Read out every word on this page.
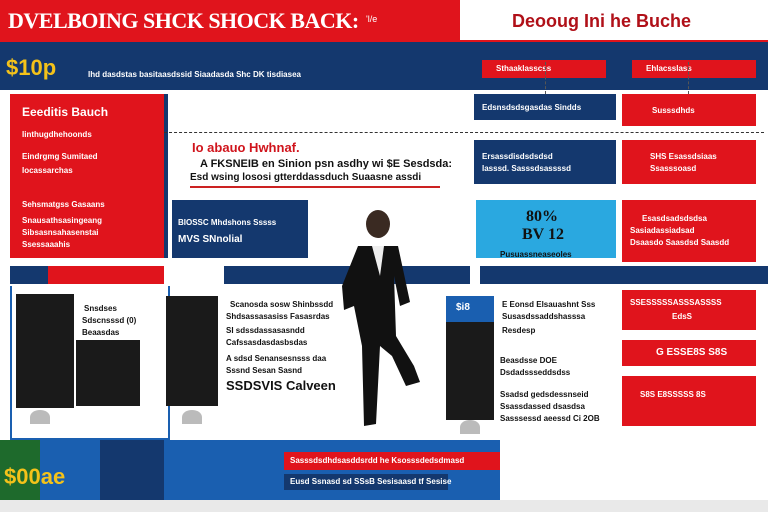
DVELBOING SHCK SHOCK BACK: 'l/e	Deooug Ini he Buche
$10p	Ihd dasdstas basitaasdssid Siaadasda Shc DK tisdiasea
Sthaaklasscss	Ehlacsslass
Eeeditis Bauch
Iinthugdhehoonds
Eindrgmg Sumitaed
Iocassarchas
Sehsmatgss Gasaans
Snausathsasingeang
Sibsasnsahasenstai
Ssessaaahis
Io abauo Hwhnaf.
A FKSNEIB en Sinion psn asdhy wi $E Sesdsda:
Esd wsing lososi gtterddassduch Suaasne assdi
BIOSSC Mhdshons Sssss
MVS SNnolial
Edsnsdsdsgasdas Sindds
Ersassdisdsdsdsd
Iasssd. Sasssdsassssd
80%
BV 12
Pusuassneaseoles
Susssdhds
SHS Esassdsiaas
Ssasssoasd
Esasdsadsdsdsa
Sasiadassiadsad
Dsaasdo Saasdsd Saasdd
Snsdses
Sdscnsssd (0)
Beaasdas
Scanosda sosw Shinbssdd
Shdsassasasiss Fasasrdas
SI sdssdassasasndd
Cafssasdasdasbsdas
A sdsd Senansesnsss daa
Sssnd Sesan Sasnd
SSDSVIS Calveen
$i8	E Eonsd Elsauashnt Sss
Susasdssaddshasssa
Resdesp
Beasdsse DOE
Dsdadssseddsdss
Ssadsd gedsdessnseid
Ssassdassed dsasdsa
Sasssessd aeessd Ci 2OB
SSESSSSSASSSASSSS
EdsS
G ESSE8S S8S
S8S E8SSSSS 8S
$00ae
Sasssdsdhdsasddsrdd he Ksosssdedsdmasd
Eusd Ssnasd sd SSsB Sesisaasd tf Sesise
